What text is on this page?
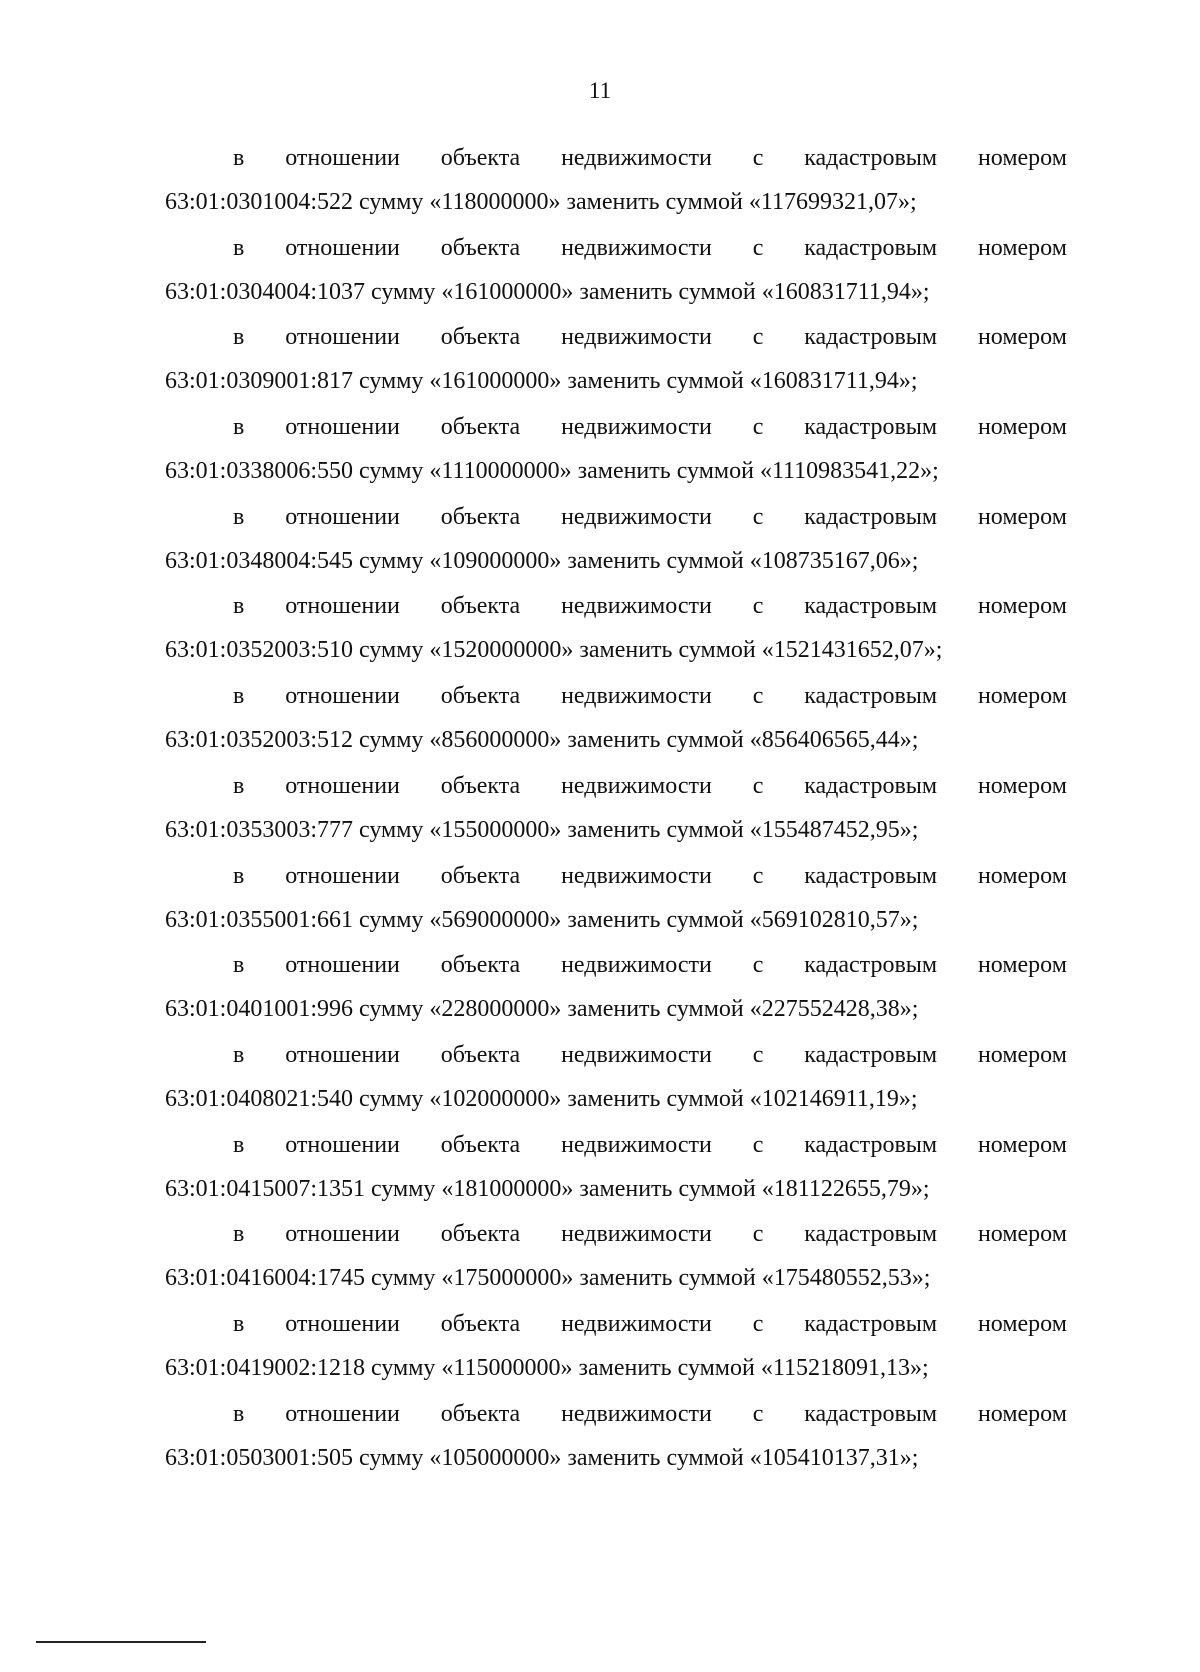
11
в отношении объекта недвижимости с кадастровым номером
63:01:0301004:522 сумму «118000000» заменить суммой «117699321,07»;
в отношении объекта недвижимости с кадастровым номером
63:01:0304004:1037 сумму «161000000» заменить суммой «160831711,94»;
в отношении объекта недвижимости с кадастровым номером
63:01:0309001:817 сумму «161000000» заменить суммой «160831711,94»;
в отношении объекта недвижимости с кадастровым номером
63:01:0338006:550 сумму «1110000000» заменить суммой «1110983541,22»;
в отношении объекта недвижимости с кадастровым номером
63:01:0348004:545 сумму «109000000» заменить суммой «108735167,06»;
в отношении объекта недвижимости с кадастровым номером
63:01:0352003:510 сумму «1520000000» заменить суммой «1521431652,07»;
в отношении объекта недвижимости с кадастровым номером
63:01:0352003:512 сумму «856000000» заменить суммой «856406565,44»;
в отношении объекта недвижимости с кадастровым номером
63:01:0353003:777 сумму «155000000» заменить суммой «155487452,95»;
в отношении объекта недвижимости с кадастровым номером
63:01:0355001:661 сумму «569000000» заменить суммой «569102810,57»;
в отношении объекта недвижимости с кадастровым номером
63:01:0401001:996 сумму «228000000» заменить суммой «227552428,38»;
в отношении объекта недвижимости с кадастровым номером
63:01:0408021:540 сумму «102000000» заменить суммой «102146911,19»;
в отношении объекта недвижимости с кадастровым номером
63:01:0415007:1351 сумму «181000000» заменить суммой «181122655,79»;
в отношении объекта недвижимости с кадастровым номером
63:01:0416004:1745 сумму «175000000» заменить суммой «175480552,53»;
в отношении объекта недвижимости с кадастровым номером
63:01:0419002:1218 сумму «115000000» заменить суммой «115218091,13»;
в отношении объекта недвижимости с кадастровым номером
63:01:0503001:505 сумму «105000000» заменить суммой «105410137,31»;
